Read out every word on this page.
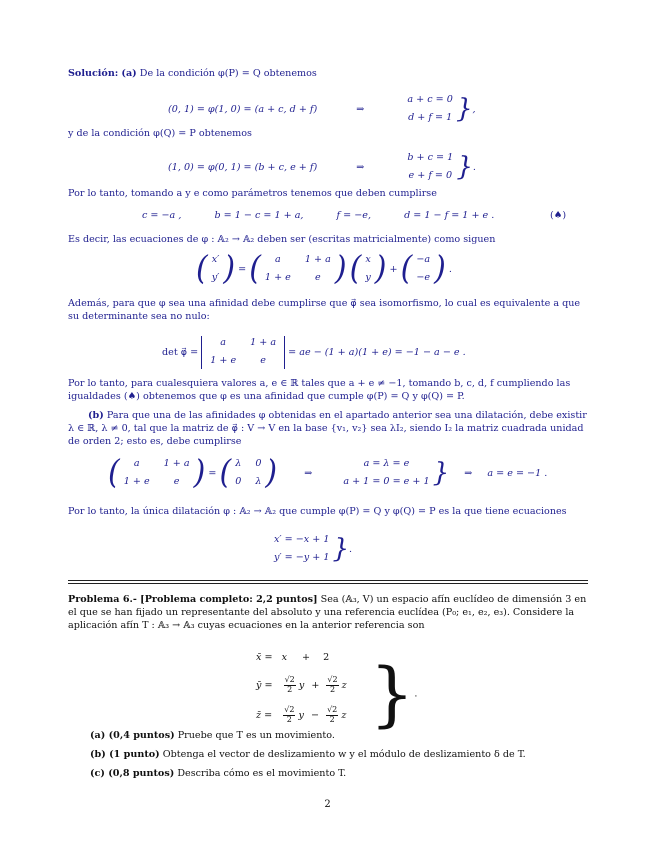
Solución: (a) De la condición φ(P) = Q obtenemos
(0, 1) = φ(1, 0) = (a + c, d + f)	⇒
a + c = 0
d + f = 1 },
y de la condición φ(Q) = P obtenemos
(1, 0) = φ(0, 1) = (b + c, e + f)	⇒
b + c = 1
e + f = 0 }.
Por lo tanto, tomando a y e como parámetros tenemos que deben cumplirse
c = −a ,	b = 1 − c = 1 + a,	f = −e,	d = 1 − f = 1 + e .	(♠)
Es decir, las ecuaciones de φ : 𝔸₂ → 𝔸₂ deben ser (escritas matricialmente) como siguen
( x′
y′ ) = (	a	1 + a
1 + e	e )
( x
y ) + ( −a
−e ) .
Además, para que φ sea una afinidad debe cumplirse que φ⃗ sea isomorfismo, lo cual es equivalente a que su determinante sea no nulo:
det φ⃗ =
a	1 + a
1 + e	e
= ae − (1 + a)(1 + e) = −1 − a − e .
Por lo tanto, para cualesquiera valores a, e ∈ ℝ tales que a + e ≠ −1, tomando b, c, d, f cumpliendo las igualdades (♠) obtenemos que φ es una afinidad que cumple φ(P) = Q y φ(Q) = P.
(b) Para que una de las afinidades φ obtenidas en el apartado anterior sea una dilatación, debe existir λ ∈ ℝ, λ ≠ 0, tal que la matriz de φ⃗ : V → V en la base {v₁, v₂} sea λI₂, siendo I₂ la matriz cuadrada unidad de orden 2; esto es, debe cumplirse
(	a	1 + a
1 + e	e ) = ( λ 0
0 λ )	⇒
a = λ = e
a + 1 = 0 = e + 1 } ⇒ a = e = −1 .
Por lo tanto, la única dilatación φ : 𝔸₂ → 𝔸₂ que cumple φ(P) = Q y φ(Q) = P es la que tiene ecuaciones
x′ = −x + 1
y′ = −y + 1 }.
Problema 6.- [Problema completo: 2,2 puntos] Sea (𝔸₃, V) un espacio afín euclídeo de dimensión 3 en el que se han fijado un representante del absoluto y una referencia euclídea (P₀; e₁, e₂, e₃). Considere la aplicación afín T : 𝔸₃ → 𝔸₃ cuyas ecuaciones en la anterior referencia son
x̄ = x + 2
ȳ = $\frac{√2}{2}$ $y + \frac{√2}{2}$ z
z̄ = $\frac{√2}{2}$ $y - \frac{√2}{2}$ z }.
(a) (0,4 puntos) Pruebe que T es un movimiento.
(b) (1 punto) Obtenga el vector de deslizamiento w y el módulo de deslizamiento δ de T.
(c) (0,8 puntos) Describa cómo es el movimiento T.
2
